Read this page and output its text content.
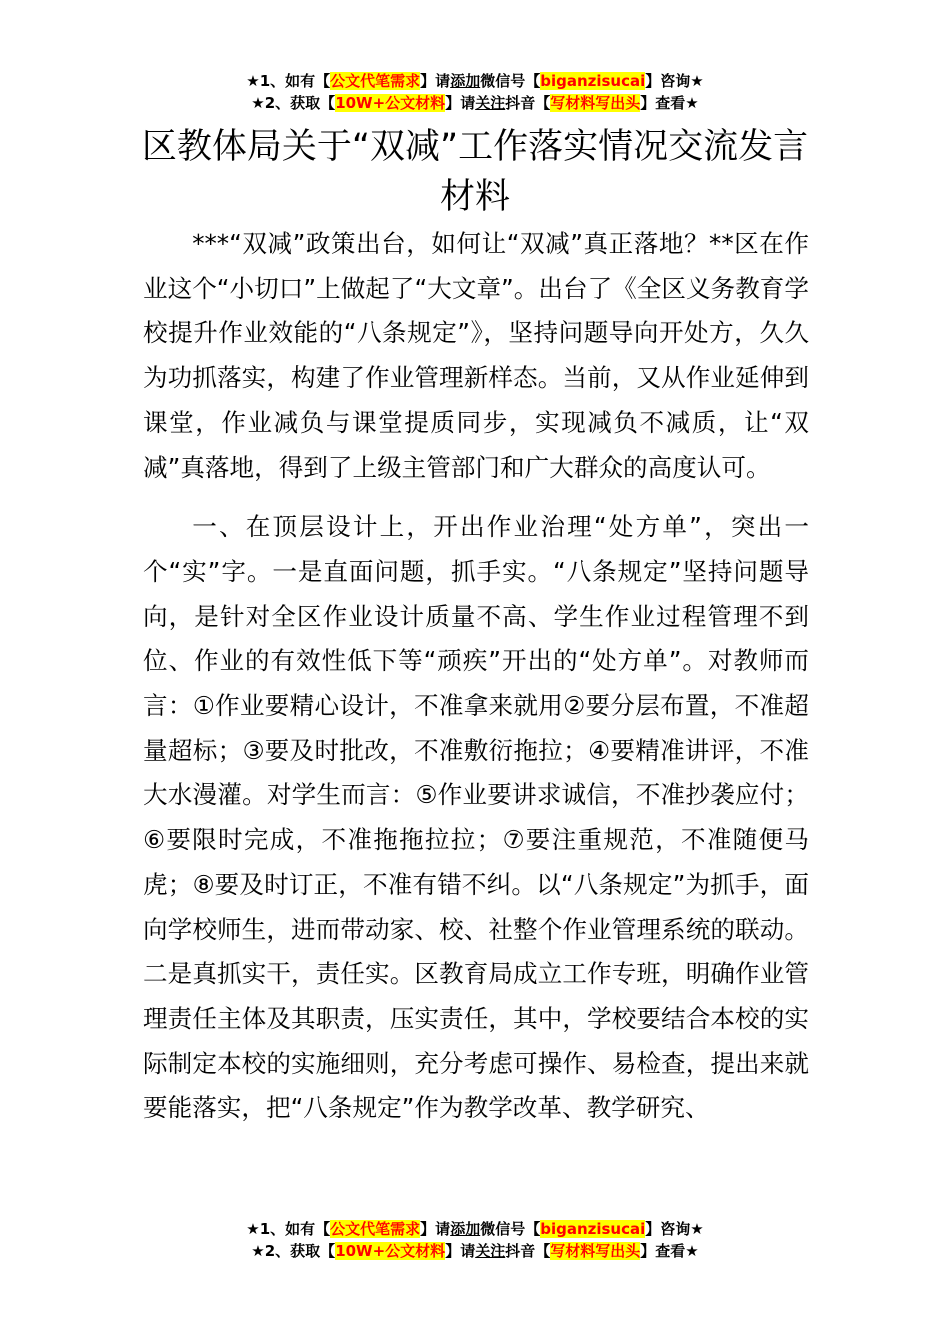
★1、如有【公文代笔需求】请添加微信号【biganzisucai】咨询★
★2、获取【10W+公文材料】请关注抖音【写材料写出头】查看★
区教体局关于“双减”工作落实情况交流发言材料

***“双减”政策出台，如何让“双减”真正落地？**区在作业这个“小切口”上做起了“大文章”。出台了《全区义务教育学校提升作业效能的“八条规定”》，坚持问题导向开处方，久久为功抓落实，构建了作业管理新样态。当前，又从作业延伸到课堂，作业减负与课堂提质同步，实现减负不减质，让“双减”真落地，得到了上级主管部门和广大群众的高度认可。

一、在顶层设计上，开出作业治理“处方单”，突出一个“实”字。一是直面问题，抓手实。“八条规定”坚持问题导向，是针对全区作业设计质量不高、学生作业过程管理不到位、作业的有效性低下等“顽疾”开出的“处方单”。对教师而言：①作业要精心设计，不准拿来就用②要分层布置，不准超量超标；③要及时批改，不准敷衍拖拉；④要精准讲评，不准大水漫灌。对学生而言：⑤作业要讲求诚信，不准抄袭应付；⑥要限时完成，不准拖拖拉拉；⑦要注重规范，不准随便马虎；⑧要及时订正，不准有错不纠。以“八条规定”为抓手，面向学校师生，进而带动家、校、社整个作业管理系统的联动。二是真抓实干，责任实。区教育局成立工作专班，明确作业管理责任主体及其职责，压实责任，其中，学校要结合本校的实际制定本校的实施细则，充分考虑可操作、易检查，提出来就要能落实，把“八条规定”作为教学改革、教学研究、

★1、如有【公文代笔需求】请添加微信号【biganzisucai】咨询★
★2、获取【10W+公文材料】请关注抖音【写材料写出头】查看★
